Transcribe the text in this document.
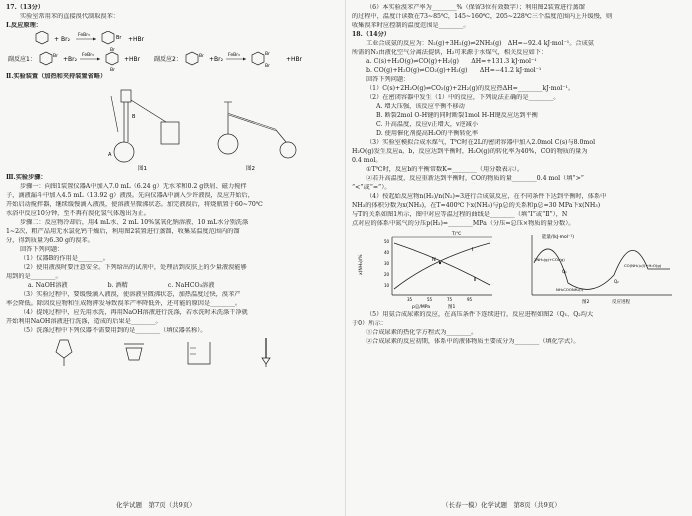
17.（13分）
实验室常用苯的直接溴代制取溴苯：
Ⅰ.反应原理：
+ Br₂
FeBr₃	Br +HBr
副反应1：	Br +Br₂
FeBr₃
Br
Br
+HBr 副反应2：	Br +Br₂
FeBr₃	Br
Br
+HBr
Ⅱ.实验装置（加热和夹持装置省略）
A
B
图1	图2
Ⅲ.实验步骤：
步骤一：向图1装置仪器A中加入7.0 mL（6.24 g）无水苯和0.2 g铁屑、磁力搅拌
子，滴液漏斗中加入4.5 mL（13.92 g）液溴。先向仪器A中滴入少许液溴，反应开始后，
开始启动搅拌器，继续缓慢滴入液溴，使溶液呈微沸状态。加完液溴后，将烧瓶置于60~70℃
水浴中反应10分钟，至不再有溴化氢气体逸出为止。
步骤二：反应物冷却后，用4 mL水、2 mL 10%氢氧化钠溶液、10 mL水分别洗涤
1~2次，粗产品用无水氯化钙干燥后，利用图2装置进行蒸馏，收集某温度范围内的馏
分，得到质量为6.30 g的溴苯。
回答下列问题：
（1）仪器B的作用是________。
（2）使用液溴时要注意安全。下列给出的试剂中，处理沾到皮肤上的少量液溴能够
用到的是________。
a. NaOH溶液	b. 酒精	c. NaHCO₃溶液
（3）实验过程中，要缓慢滴入液溴，使溶液呈微沸状态，加热温度过快，溴苯产
率会降低。除因反应物和生成物挥发导致溴苯产率降低外，还可能的原因是________。
（4）提纯过程中，应先用水洗，再用NaOH溶液进行洗涤，若水洗时未洗涤干净就
开始利用NaOH溶液进行洗涤，造成的后果是________。
（5）洗涤过程中下列仪器不需要用到的是________（填仪器名称）。
化学试题　第7页（共9页）
（6）本实验溴苯产率为________%（保留3位有效数字）；利用图2装置进行蒸馏
的过程中，温度计读数在73~85℃，145~160℃，205~228℃三个温度范围内上升缓慢，则
收集溴苯时应控制的温度范围是________。
18.（14分）
工业合成氨的反应为：N₂(g)+3H₂(g)⇌2NH₃(g)　ΔH=−92.4 kJ·mol⁻¹。合成氨
所需的N₂由液化空气分离法提供，H₂可来源于水煤气，相关反应如下：
a. C(s)+H₂O(g)⇌CO(g)+H₂(g)　　ΔH=+131.3 kJ·mol⁻¹
b. CO(g)+H₂O(g)⇌CO₂(g)+H₂(g)　　ΔH=−41.2 kJ·mol⁻¹
回答下列问题：
（1）C(s)+2H₂O(g)⇌CO₂(g)+2H₂(g)的反应热ΔH=________kJ·mol⁻¹。
（2）在密闭容器中发生（1）中的反应，下列说法正确的是________。
A. 增大压强，该反应平衡不移动
B. 断裂2mol O-H键的同时断裂1mol H-H键反应达到平衡
C. 升高温度，反应v正增大，v逆减小
D. 使用催化剂提高H₂O的平衡转化率
（3）实验室模拟合成水煤气，T℃时在2L的密闭容器中加入2.0mol C(s)与8.0mol
H₂O(g)发生反应a，b，反应达到平衡时，H₂O(g)的转化率为40%，CO的物质的量为
0.4 mol。
①T℃时，反应b的平衡常数K=________（用分数表示）。
②若升高温度，反应重新达到平衡时，CO的物质的量________0.4 mol（填“>”
“<”或“=”）。
（4）按起始反应物n(H₂)/n(N₂)=3进行合成氨反应，在不同条件下达到平衡时，体系中
NH₃的体积分数为x(NH₃)，在T=400℃下x(NH₃)与p总的关系和p总=30 MPa下x(NH₃)
与T的关系如图1所示，图中对应等温过程的曲线是________（填“Ⅰ”或“Ⅱ”），N
点对应的体系中氮气的分压p(H₂)=________MPa（分压=总压×物质的量分数）。
x(NH₃)/%
T/℃
50
40
30
20
10
Ⅰ
Ⅱ
N
35	55	75	95
p总/MPa	图1
能量/(kJ·mol⁻¹)
2NH₃(g)+CO₂(g)
NH₂COONH₄(l)
CO(NH₂)₂(l)+H₂O(g)
Q₁
Q₂
图2	反应进程
（5）用氨合成尿素的反应，在高压条件下连续进行，反应进程如图2（Q₁、Q₂均大
于0）所示：
①合成尿素的热化学方程式为________。
②合成尿素的反应初期，体系中的液体物质主要成分为________（填化学式）。
（长春一模）化学试题　第8页（共9页）
